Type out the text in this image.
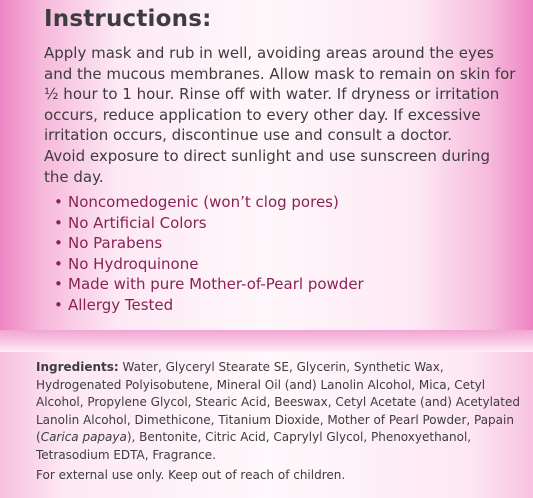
Instructions:

Apply mask and rub in well, avoiding areas around the eyes

and the mucous membranes. Allow mask to remain on skin for

½ hour to 1 hour. Rinse off with water. If dryness or irritation

occurs, reduce application to every other day. If excessive

irritation occurs, discontinue use and consult a doctor.

Avoid exposure to direct sunlight and use sunscreen during

the day.

• Noncomedogenic (won’t clog pores)
• No Artificial Colors
• No Parabens
• No Hydroquinone
• Made with pure Mother-of-Pearl powder
• Allergy Tested
Ingredients: Water, Glyceryl Stearate SE, Glycerin, Synthetic Wax, Hydrogenated Polyisobutene, Mineral Oil (and) Lanolin Alcohol, Mica, Cetyl Alcohol, Propylene Glycol, Stearic Acid, Beeswax, Cetyl Acetate (and) Acetylated Lanolin Alcohol, Dimethicone, Titanium Dioxide, Mother of Pearl Powder, Papain (Carica papaya), Bentonite, Citric Acid, Caprylyl Glycol, Phenoxyethanol, Tetrasodium EDTA, Fragrance.
For external use only. Keep out of reach of children.
